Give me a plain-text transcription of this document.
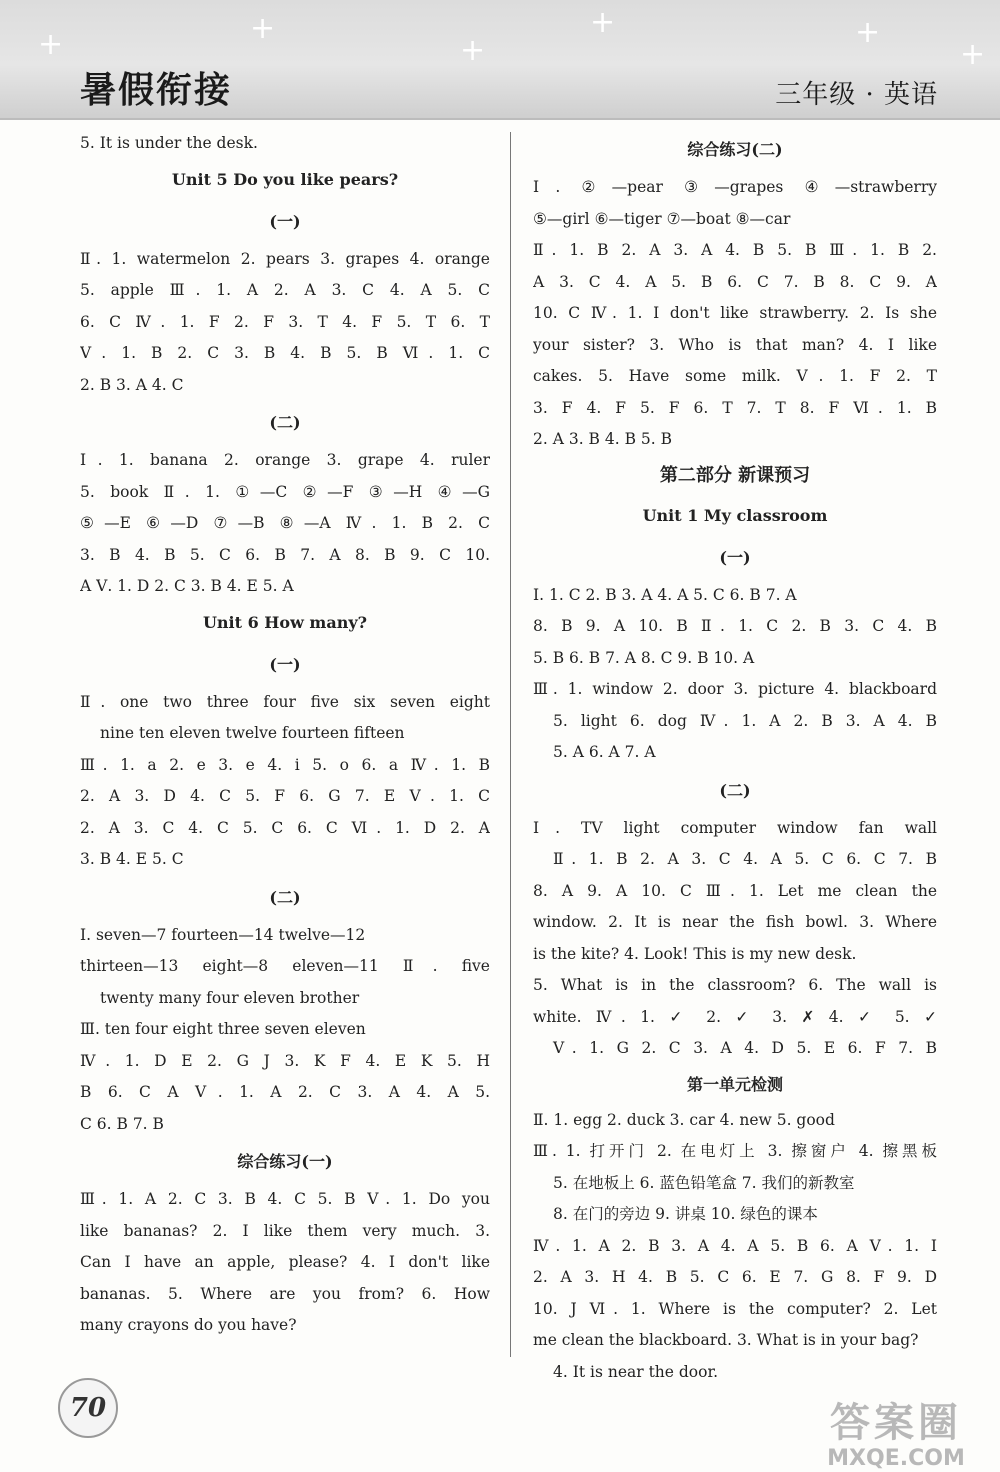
+	+
+
+	+
+
暑假衔接	三年级 · 英语
5. It is under the desk.
Unit 5 Do you like pears?
(一)
Ⅱ. 1. watermelon 2. pears 3. grapes 4. orange
5. apple Ⅲ. 1. A 2. A 3. C 4. A 5. C
6. C Ⅳ. 1. F 2. F 3. T 4. F 5. T 6. T
Ⅴ. 1. B 2. C 3. B 4. B 5. B Ⅵ. 1. C
2. B 3. A 4. C
(二)
Ⅰ. 1. banana 2. orange 3. grape 4. ruler
5. book Ⅱ. 1. ①—C ②—F ③—H ④—G
⑤—E ⑥—D ⑦—B ⑧—A Ⅳ. 1. B 2. C
3. B 4. B 5. C 6. B 7. A 8. B 9. C 10.
A Ⅴ. 1. D 2. C 3. B 4. E 5. A
Unit 6 How many?
(一)
Ⅱ. one two three four five six seven eight
nine ten eleven twelve fourteen fifteen
Ⅲ. 1. a 2. e 3. e 4. i 5. o 6. a Ⅳ. 1. B
2. A 3. D 4. C 5. F 6. G 7. E Ⅴ. 1. C
2. A 3. C 4. C 5. C 6. C Ⅵ. 1. D 2. A
3. B 4. E 5. C
(二)
Ⅰ. seven—7 fourteen—14 twelve—12
thirteen—13 eight—8 eleven—11 Ⅱ. five
twenty many four eleven brother
Ⅲ. ten four eight three seven eleven
Ⅳ. 1. D E 2. G J 3. K F 4. E K 5. H
B 6. C A Ⅴ. 1. A 2. C 3. A 4. A 5.
C 6. B 7. B
综合练习(一)
Ⅲ. 1. A 2. C 3. B 4. C 5. B Ⅴ. 1. Do you
like bananas? 2. I like them very much. 3.
Can I have an apple, please? 4. I don't like
bananas. 5. Where are you from? 6. How
many crayons do you have?
综合练习(二)
Ⅰ. ②—pear ③—grapes ④—strawberry
⑤—girl ⑥—tiger ⑦—boat ⑧—car
Ⅱ. 1. B 2. A 3. A 4. B 5. B Ⅲ. 1. B 2.
A 3. C 4. A 5. B 6. C 7. B 8. C 9. A
10. C Ⅳ. 1. I don't like strawberry. 2. Is she
your sister? 3. Who is that man? 4. I like
cakes. 5. Have some milk. Ⅴ. 1. F 2. T
3. F 4. F 5. F 6. T 7. T 8. F Ⅵ. 1. B
2. A 3. B 4. B 5. B
第二部分 新课预习
Unit 1 My classroom
(一)
Ⅰ. 1. C 2. B 3. A 4. A 5. C 6. B 7. A
8. B 9. A 10. B Ⅱ. 1. C 2. B 3. C 4. B
5. B 6. B 7. A 8. C 9. B 10. A
Ⅲ. 1. window 2. door 3. picture 4. blackboard
5. light 6. dog Ⅳ. 1. A 2. B 3. A 4. B
5. A 6. A 7. A
(二)
Ⅰ. TV light computer window fan wall
Ⅱ. 1. B 2. A 3. C 4. A 5. C 6. C 7. B
8. A 9. A 10. C Ⅲ. 1. Let me clean the
window. 2. It is near the fish bowl. 3. Where
is the kite? 4. Look! This is my new desk.
5. What is in the classroom? 6. The wall is
white. Ⅳ. 1. ✓ 2. ✓ 3. ✗ 4. ✓ 5. ✓
Ⅴ. 1. G 2. C 3. A 4. D 5. E 6. F 7. B
第一单元检测
Ⅱ. 1. egg 2. duck 3. car 4. new 5. good
Ⅲ. 1. 打开门 2. 在电灯上 3. 擦窗户 4. 擦黑板
5. 在地板上 6. 蓝色铅笔盒 7. 我们的新教室
8. 在门的旁边 9. 讲桌 10. 绿色的课本
Ⅳ. 1. A 2. B 3. A 4. A 5. B 6. A Ⅴ. 1. I
2. A 3. H 4. B 5. C 6. E 7. G 8. F 9. D
10. J Ⅵ. 1. Where is the computer? 2. Let
me clean the blackboard. 3. What is in your bag?
4. It is near the door.
70	答案圈
MXQE.COM
